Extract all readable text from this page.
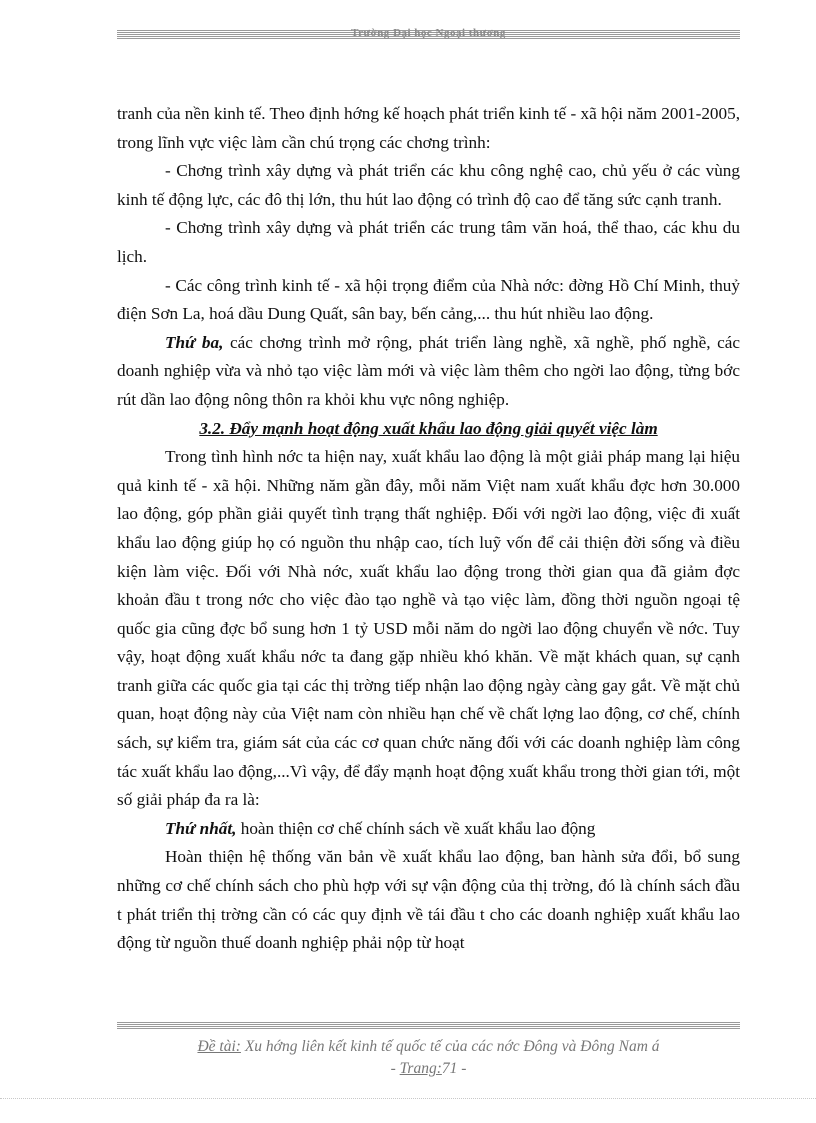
Trường Đại học Ngoại thương

tranh của nền kinh tế. Theo định hớng kế hoạch phát triển kinh tế - xã hội năm 2001-2005, trong lĩnh vực việc làm cần chú trọng các chơng trình:

- Chơng trình xây dựng và phát triển các khu công nghệ cao, chủ yếu ở các vùng kinh tế động lực, các đô thị lớn, thu hút lao động có trình độ cao để tăng sức cạnh tranh.

- Chơng trình xây dựng và phát triển các trung tâm văn hoá, thể thao, các khu du lịch.

- Các công trình kinh tế - xã hội trọng điểm của Nhà nớc: đờng Hồ Chí Minh, thuỷ điện Sơn La, hoá dầu Dung Quất, sân bay, bến cảng,... thu hút nhiều lao động.

Thứ ba, các chơng trình mở rộng, phát triển làng nghề, xã nghề, phố nghề, các doanh nghiệp vừa và nhỏ tạo việc làm mới và việc làm thêm cho ngời lao động, từng bớc rút dần lao động nông thôn ra khỏi khu vực nông nghiệp.

3.2. Đẩy mạnh hoạt động xuất khẩu lao động giải quyết việc làm

Trong tình hình nớc ta hiện nay, xuất khẩu lao động là một giải pháp mang lại hiệu quả kinh tế - xã hội. Những năm gần đây, mỗi năm Việt nam xuất khẩu đợc hơn 30.000 lao động, góp phần giải quyết tình trạng thất nghiệp. Đối với ngời lao động, việc đi xuất khẩu lao động giúp họ có nguồn thu nhập cao, tích luỹ vốn để cải thiện đời sống và điều kiện làm việc. Đối với Nhà nớc, xuất khẩu lao động trong thời gian qua đã giảm đợc khoản đầu t trong nớc cho việc đào tạo nghề và tạo việc làm, đồng thời nguồn ngoại tệ quốc gia cũng đợc bổ sung hơn 1 tỷ USD mỗi năm do ngời lao động chuyển về nớc. Tuy vậy, hoạt động xuất khẩu nớc ta đang gặp nhiều khó khăn. Về mặt khách quan, sự cạnh tranh giữa các quốc gia tại các thị trờng tiếp nhận lao động ngày càng gay gắt. Về mặt chủ quan, hoạt động này của Việt nam còn nhiều hạn chế về chất lợng lao động, cơ chế, chính sách, sự kiểm tra, giám sát của các cơ quan chức năng đối với các doanh nghiệp làm công tác xuất khẩu lao động,...Vì vậy, để đẩy mạnh hoạt động xuất khẩu trong thời gian tới, một số giải pháp đa ra là:

Thứ nhất, hoàn thiện cơ chế chính sách về xuất khẩu lao động

Hoàn thiện hệ thống văn bản về xuất khẩu lao động, ban hành sửa đổi, bổ sung những cơ chế chính sách cho phù hợp với sự vận động của thị trờng, đó là chính sách đầu t phát triển thị trờng cần có các quy định về tái đầu t cho các doanh nghiệp xuất khẩu lao động từ nguồn thuế doanh nghiệp phải nộp từ hoạt

Đề tài: Xu hớng liên kết kinh tế quốc tế của các nớc Đông và Đông Nam á
- Trang:71 -
